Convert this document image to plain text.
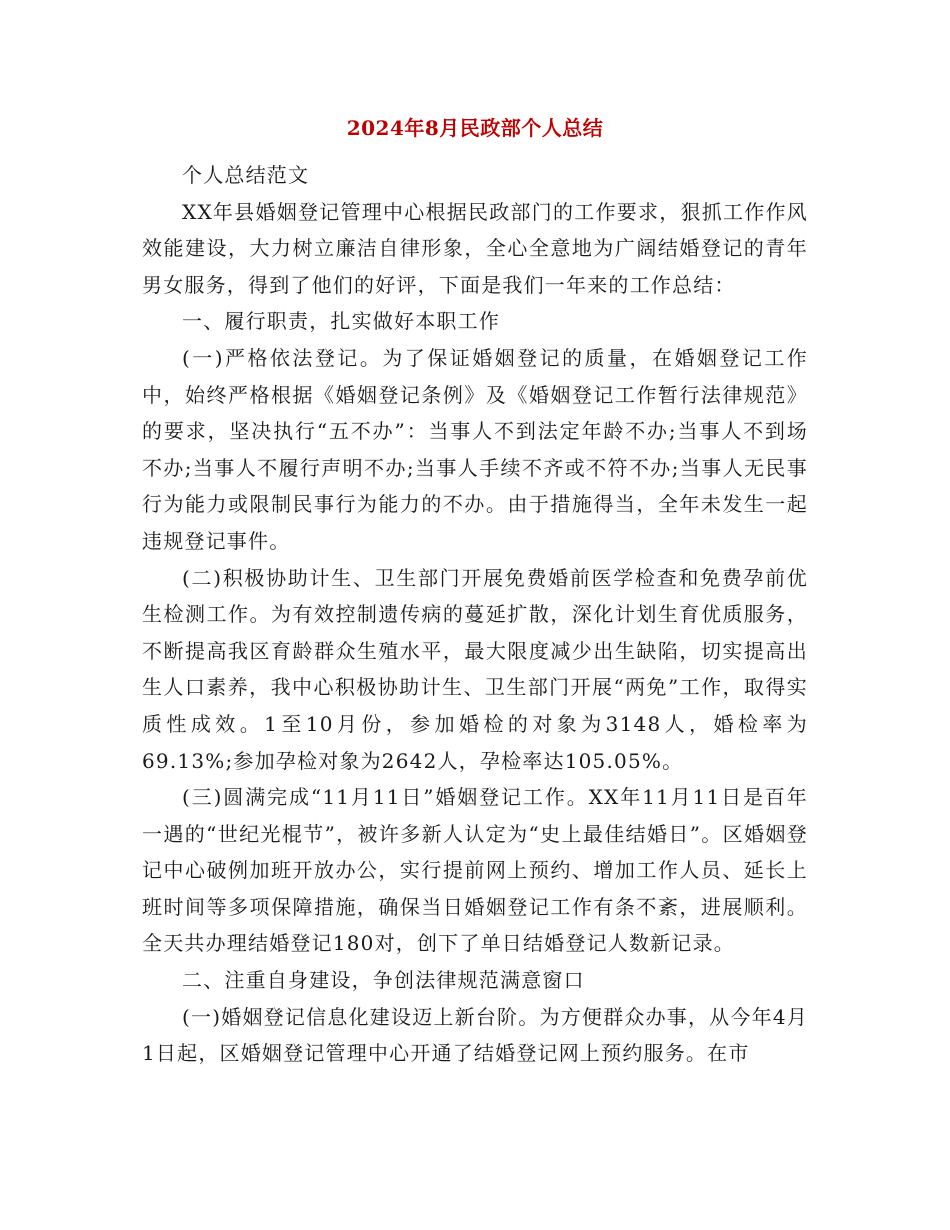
2024年8月民政部个人总结

个人总结范文

XX年县婚姻登记管理中心根据民政部门的工作要求，狠抓工作作风效能建设，大力树立廉洁自律形象，全心全意地为广阔结婚登记的青年男女服务，得到了他们的好评，下面是我们一年来的工作总结：

一、履行职责，扎实做好本职工作

(一)严格依法登记。为了保证婚姻登记的质量，在婚姻登记工作中，始终严格根据《婚姻登记条例》及《婚姻登记工作暂行法律规范》的要求，坚决执行“五不办”：当事人不到法定年龄不办;当事人不到场不办;当事人不履行声明不办;当事人手续不齐或不符不办;当事人无民事行为能力或限制民事行为能力的不办。由于措施得当，全年未发生一起违规登记事件。

(二)积极协助计生、卫生部门开展免费婚前医学检查和免费孕前优生检测工作。为有效控制遗传病的蔓延扩散，深化计划生育优质服务，不断提高我区育龄群众生殖水平，最大限度减少出生缺陷，切实提高出生人口素养，我中心积极协助计生、卫生部门开展“两免”工作，取得实质性成效。1至10月份，参加婚检的对象为3148人，婚检率为69.13%;参加孕检对象为2642人，孕检率达105.05%。

(三)圆满完成“11月11日”婚姻登记工作。XX年11月11日是百年一遇的“世纪光棍节”，被许多新人认定为“史上最佳结婚日”。区婚姻登记中心破例加班开放办公，实行提前网上预约、增加工作人员、延长上班时间等多项保障措施，确保当日婚姻登记工作有条不紊，进展顺利。全天共办理结婚登记180对，创下了单日结婚登记人数新记录。

二、注重自身建设，争创法律规范满意窗口

(一)婚姻登记信息化建设迈上新台阶。为方便群众办事，从今年4月1日起，区婚姻登记管理中心开通了结婚登记网上预约服务。在市
